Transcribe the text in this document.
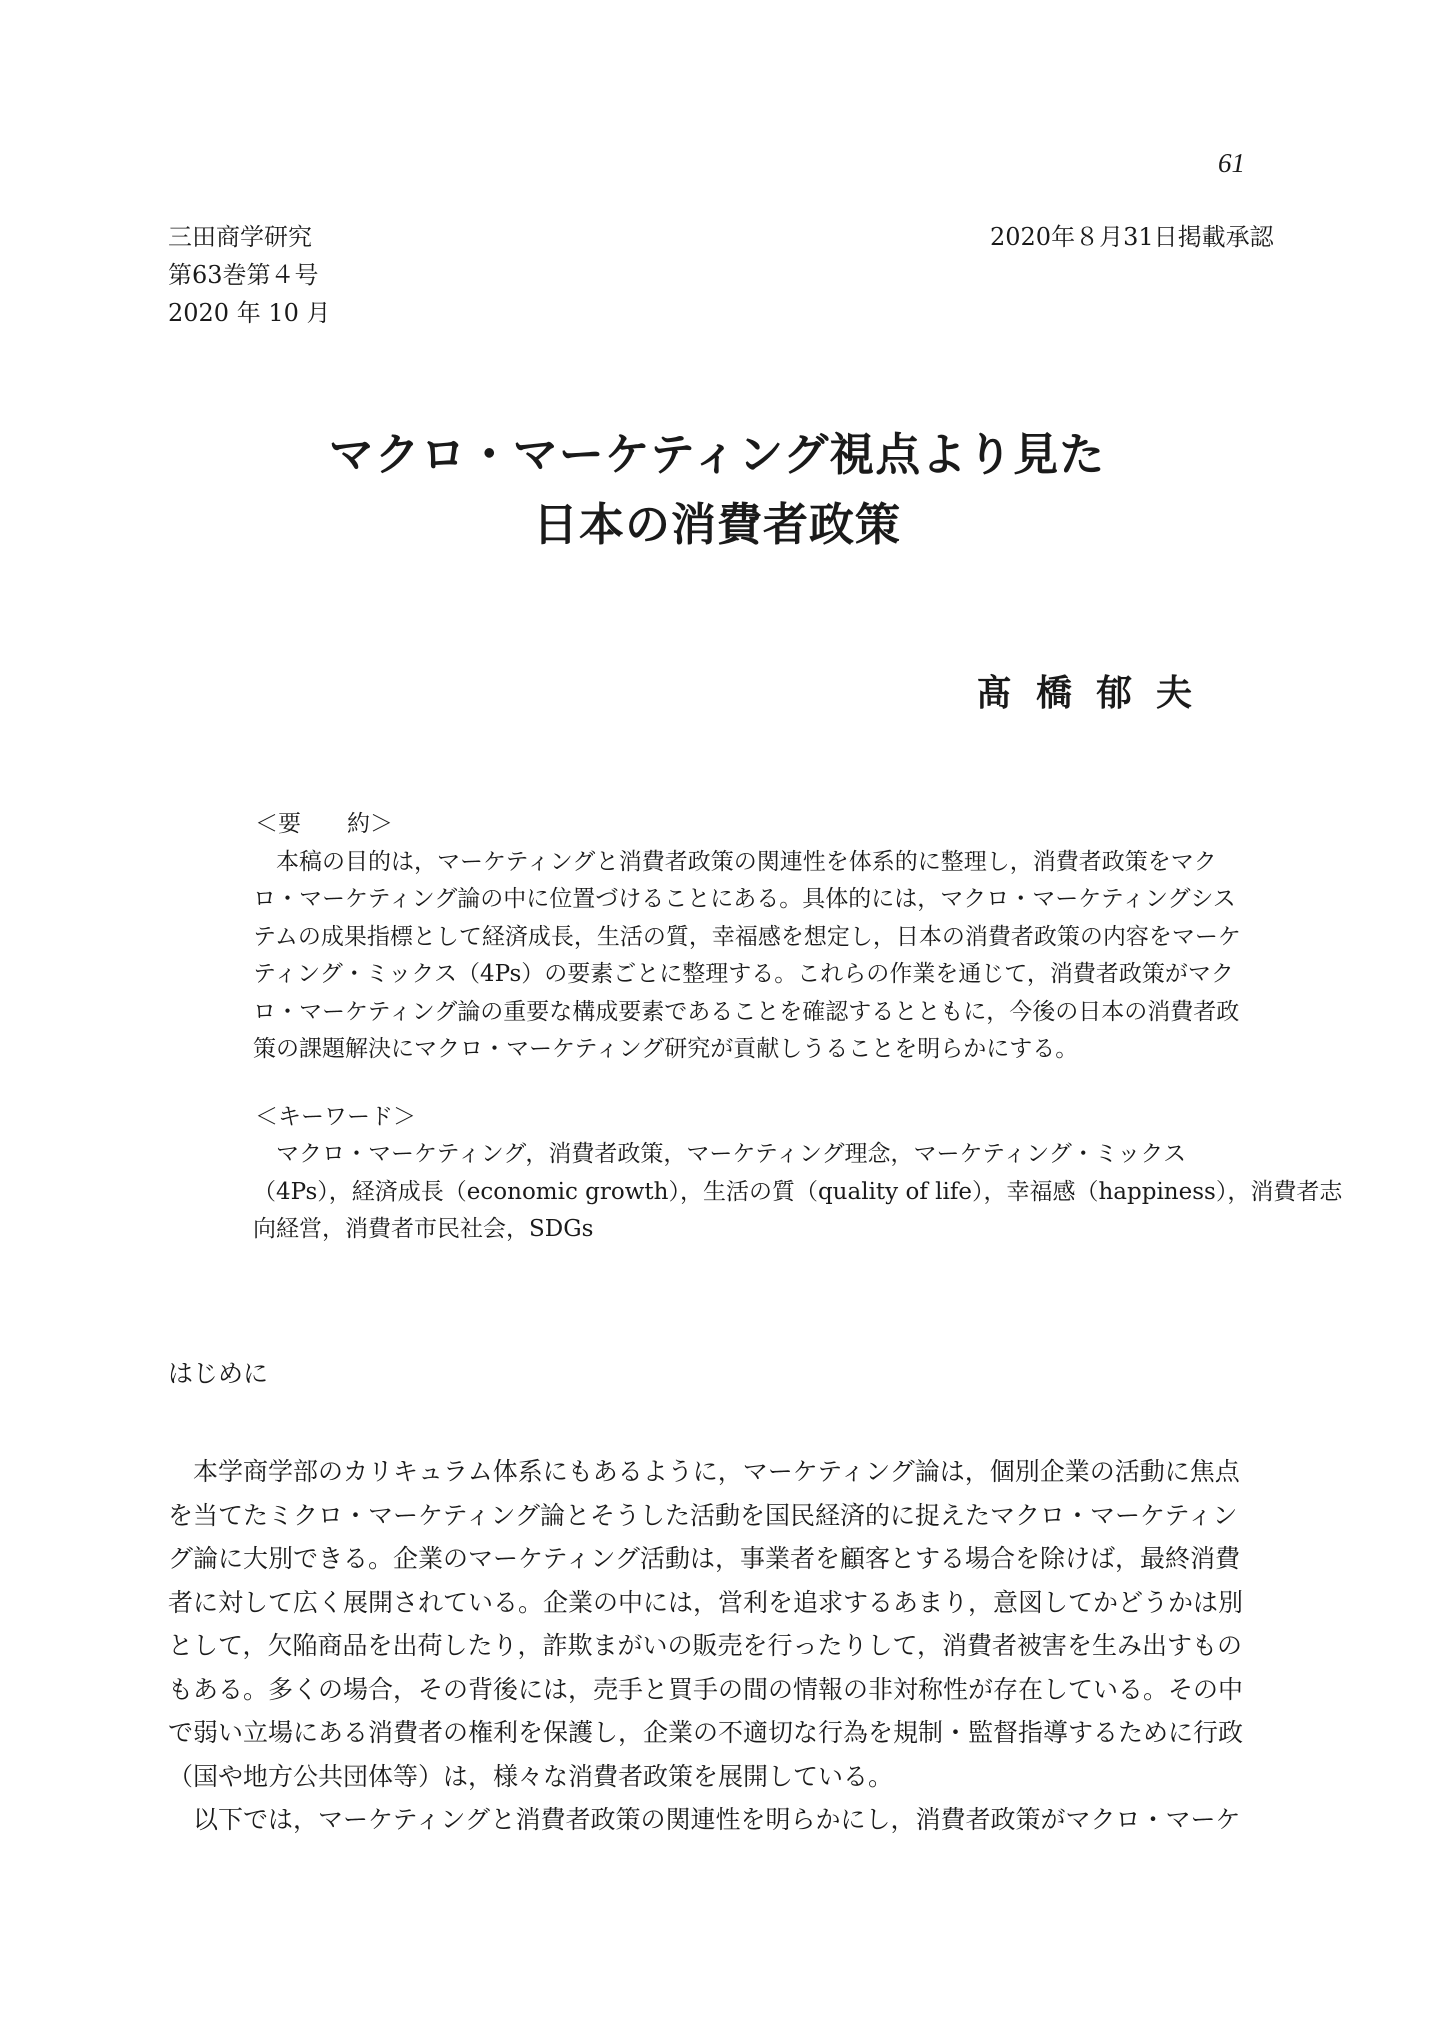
61
三田商学研究
第63巻第４号
2020 年 10 月
2020年８月31日掲載承認
マクロ・マーケティング視点より見た
日本の消費者政策
髙橋郁夫
＜要　　約＞
　本稿の目的は，マーケティングと消費者政策の関連性を体系的に整理し，消費者政策をマク
ロ・マーケティング論の中に位置づけることにある。具体的には，マクロ・マーケティングシス
テムの成果指標として経済成長，生活の質，幸福感を想定し，日本の消費者政策の内容をマーケ
ティング・ミックス（4Ps）の要素ごとに整理する。これらの作業を通じて，消費者政策がマク
ロ・マーケティング論の重要な構成要素であることを確認するとともに，今後の日本の消費者政
策の課題解決にマクロ・マーケティング研究が貢献しうることを明らかにする。
＜キーワード＞
　マクロ・マーケティング，消費者政策，マーケティング理念，マーケティング・ミックス
（4Ps），経済成長（economic growth），生活の質（quality of life），幸福感（happiness），消費者志
向経営，消費者市民社会，SDGs
はじめに
　本学商学部のカリキュラム体系にもあるように，マーケティング論は，個別企業の活動に焦点
を当てたミクロ・マーケティング論とそうした活動を国民経済的に捉えたマクロ・マーケティン
グ論に大別できる。企業のマーケティング活動は，事業者を顧客とする場合を除けば，最終消費
者に対して広く展開されている。企業の中には，営利を追求するあまり，意図してかどうかは別
として，欠陥商品を出荷したり，詐欺まがいの販売を行ったりして，消費者被害を生み出すもの
もある。多くの場合，その背後には，売手と買手の間の情報の非対称性が存在している。その中
で弱い立場にある消費者の権利を保護し，企業の不適切な行為を規制・監督指導するために行政
（国や地方公共団体等）は，様々な消費者政策を展開している。
　以下では，マーケティングと消費者政策の関連性を明らかにし，消費者政策がマクロ・マーケ
